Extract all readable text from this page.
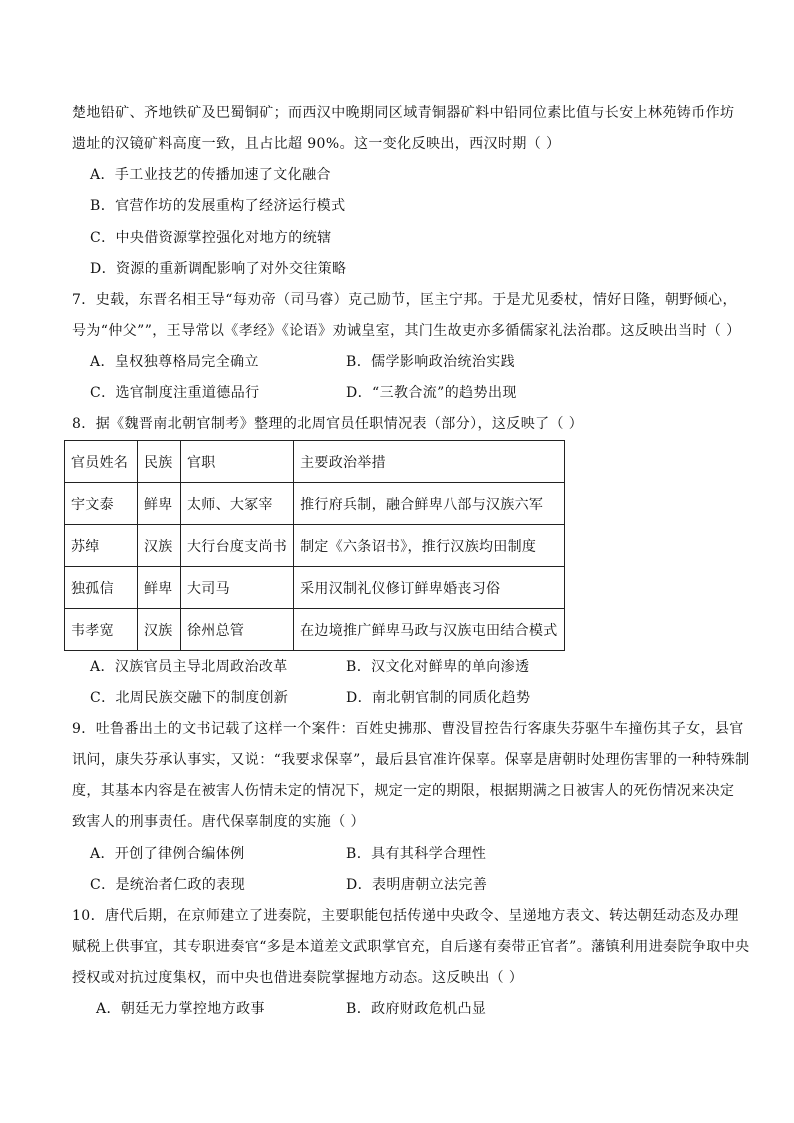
楚地铅矿、齐地铁矿及巴蜀铜矿；而西汉中晚期同区域青铜器矿料中铅同位素比值与长安上林苑铸币作坊
遗址的汉镜矿料高度一致，且占比超 90%。这一变化反映出，西汉时期（ ）
A．手工业技艺的传播加速了文化融合
B．官营作坊的发展重构了经济运行模式
C．中央借资源掌控强化对地方的统辖
D．资源的重新调配影响了对外交往策略
7．史载，东晋名相王导“每劝帝（司马睿）克己励节，匡主宁邦。于是尤见委杖，情好日隆，朝野倾心，
号为“仲父””，王导常以《孝经》《论语》劝诫皇室，其门生故吏亦多循儒家礼法治郡。这反映出当时（ ）
A．皇权独尊格局完全确立	B．儒学影响政治统治实践
C．选官制度注重道德品行	D．“三教合流”的趋势出现
8．据《魏晋南北朝官制考》整理的北周官员任职情况表（部分），这反映了（ ）
官员姓名	民族	官职	主要政治举措
宇文泰	鲜卑	太师、大冢宰	推行府兵制，融合鲜卑八部与汉族六军
苏绰	汉族	大行台度支尚书	制定《六条诏书》，推行汉族均田制度
独孤信	鲜卑	大司马	采用汉制礼仪修订鲜卑婚丧习俗
韦孝宽	汉族	徐州总管	在边境推广鲜卑马政与汉族屯田结合模式
A．汉族官员主导北周政治改革	B．汉文化对鲜卑的单向渗透
C．北周民族交融下的制度创新	D．南北朝官制的同质化趋势
9．吐鲁番出土的文书记载了这样一个案件：百姓史拂那、曹没冒控告行客康失芬驱牛车撞伤其子女，县官
讯问，康失芬承认事实，又说：“我要求保辜”，最后县官准许保辜。保辜是唐朝时处理伤害罪的一种特殊制
度，其基本内容是在被害人伤情未定的情况下，规定一定的期限，根据期满之日被害人的死伤情况来决定
致害人的刑事责任。唐代保辜制度的实施（ ）
A．开创了律例合编体例	B．具有其科学合理性
C．是统治者仁政的表现	D．表明唐朝立法完善
10．唐代后期，在京师建立了进奏院，主要职能包括传递中央政令、呈递地方表文、转达朝廷动态及办理
赋税上供事宜，其专职进奏官“多是本道差文武职掌官充，自后遂有奏带正官者”。藩镇利用进奏院争取中央
授权或对抗过度集权，而中央也借进奏院掌握地方动态。这反映出（ ）
A．朝廷无力掌控地方政事	B．政府财政危机凸显
